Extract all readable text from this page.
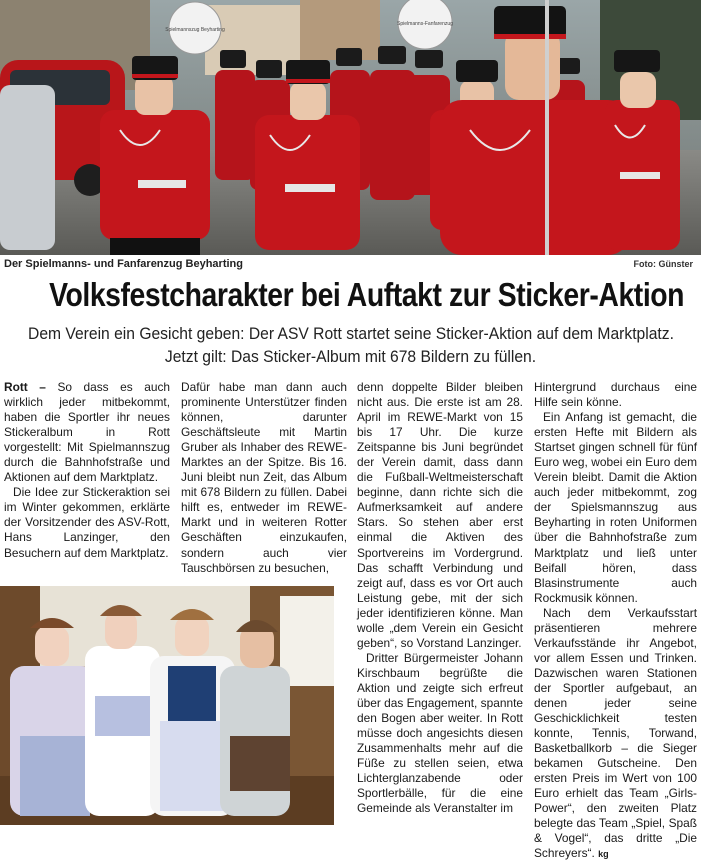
Spielmannszug Beyharting
Spielmanns-Fanfarenzug
Der Spielmanns- und Fanfarenzug Beyharting	Foto: Günster
Volksfestcharakter bei Auftakt zur Sticker-Aktion
Dem Verein ein Gesicht geben: Der ASV Rott startet seine Sticker-Aktion auf dem Marktplatz.
Jetzt gilt: Das Sticker-Album mit 678 Bildern zu füllen.

Rott – So dass es auch wirklich jeder mitbekommt, haben die Sportler ihr neues Stickeralbum in Rott vorgestellt: Mit Spielmannszug durch die Bahnhofstraße und Aktionen auf dem Marktplatz.

Die Idee zur Stickeraktion sei im Winter gekommen, erklärte der Vorsitzender des ASV-Rott, Hans Lanzinger, den Besuchern auf dem Marktplatz.

Dafür habe man dann auch prominente Unterstützer finden können, darunter Geschäftsleute mit Martin Gruber als Inhaber des REWE-Marktes an der Spitze. Bis 16. Juni bleibt nun Zeit, das Album mit 678 Bildern zu füllen. Dabei hilft es, entweder im REWE-Markt und in weiteren Rotter Geschäften einzukaufen, sondern auch vier Tauschbörsen zu besuchen,

denn doppelte Bilder bleiben nicht aus. Die erste ist am 28. April im REWE-Markt von 15 bis 17 Uhr. Die kurze Zeitspanne bis Juni begründet der Verein damit, dass dann die Fußball-Weltmeisterschaft beginne, dann richte sich die Aufmerksamkeit auf andere Stars. So stehen aber erst einmal die Aktiven des Sportvereins im Vordergrund. Das schafft Verbindung und zeigt auf, dass es vor Ort auch Leistung gebe, mit der sich jeder identifizieren könne. Man wolle „dem Verein ein Gesicht geben“, so Vorstand Lanzinger.

Dritter Bürgermeister Johann Kirschbaum begrüßte die Aktion und zeigte sich erfreut über das Engagement, spannte den Bogen aber weiter. In Rott müsse doch angesichts diesen Zusammenhalts mehr auf die Füße zu stellen seien, etwa Lichterglanzabende oder Sportlerbälle, für die eine Gemeinde als Veranstalter im

Hintergrund durchaus eine Hilfe sein könne.

Ein Anfang ist gemacht, die ersten Hefte mit Bildern als Startset gingen schnell für fünf Euro weg, wobei ein Euro dem Verein bleibt. Damit die Aktion auch jeder mitbekommt, zog der Spielsmannszug aus Beyharting in roten Uniformen über die Bahnhofstraße zum Marktplatz und ließ unter Beifall hören, dass Blasinstrumente auch Rockmusik können.

Nach dem Verkaufsstart präsentieren mehrere Verkaufsstände ihr Angebot, vor allem Essen und Trinken. Dazwischen waren Stationen der Sportler aufgebaut, an denen jeder seine Geschicklichkeit testen konnte, Tennis, Torwand, Basketballkorb – die Sieger bekamen Gutscheine. Den ersten Preis im Wert von 100 Euro erhielt das Team „Girls-Power“, den zweiten Platz belegte das Team „Spiel, Spaß & Vogel“, das dritte „Die Schreyers“. kg
